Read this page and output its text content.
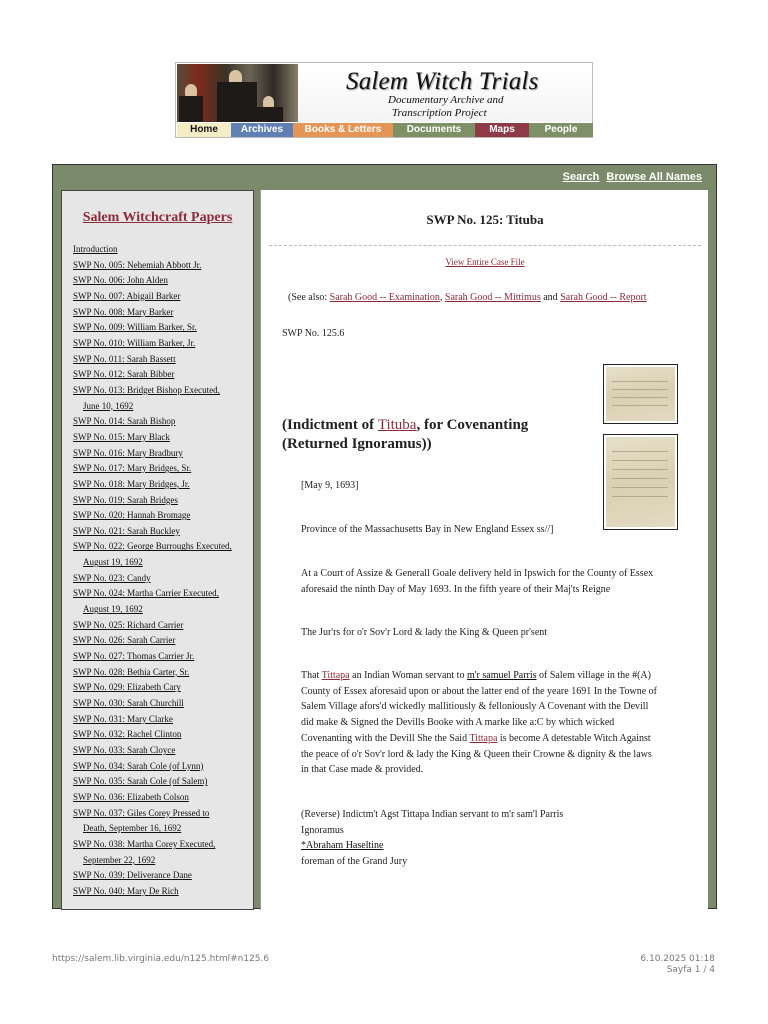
Salem Witch Trials
Documentary Archive and
Transcription Project
Home	Archives	Books & Letters	Documents	Maps	People
Search Browse All Names
Salem Witchcraft Papers
Introduction
SWP No. 005: Nehemiah Abbott Jr.
SWP No. 006: John Alden
SWP No. 007: Abigail Barker
SWP No. 008: Mary Barker
SWP No. 009: William Barker, Sr.
SWP No. 010: William Barker, Jr.
SWP No. 011: Sarah Bassett
SWP No. 012: Sarah Bibber
SWP No. 013: Bridget Bishop Executed,
June 10, 1692
SWP No. 014: Sarah Bishop
SWP No. 015: Mary Black
SWP No. 016: Mary Bradbury
SWP No. 017: Mary Bridges, Sr.
SWP No. 018: Mary Bridges, Jr.
SWP No. 019: Sarah Bridges
SWP No. 020: Hannah Bromage
SWP No. 021: Sarah Buckley
SWP No. 022: George Burroughs Executed,
August 19, 1692
SWP No. 023: Candy
SWP No. 024: Martha Carrier Executed,
August 19, 1692
SWP No. 025: Richard Carrier
SWP No. 026: Sarah Carrier
SWP No. 027: Thomas Carrier Jr.
SWP No. 028: Bethia Carter, Sr.
SWP No. 029: Elizabeth Cary
SWP No. 030: Sarah Churchill
SWP No. 031: Mary Clarke
SWP No. 032: Rachel Clinton
SWP No. 033: Sarah Cloyce
SWP No. 034: Sarah Cole (of Lynn)
SWP No. 035: Sarah Cole (of Salem)
SWP No. 036: Elizabeth Colson
SWP No. 037: Giles Corey Pressed to
Death, September 16, 1692
SWP No. 038: Martha Corey Executed,
September 22, 1692
SWP No. 039: Deliverance Dane
SWP No. 040: Mary De Rich
SWP No. 125: Tituba
View Entire Case File
(See also: Sarah Good -- Examination, Sarah Good -- Mittimus and Sarah Good -- Report
SWP No. 125.6
(Indictment of Tituba, for Covenanting
(Returned Ignoramus))
[May 9, 1693]
Province of the Massachusetts Bay in New England Essex ss//]
At a Court of Assize & Generall Goale delivery held in Ipswich for the County of Essex
aforesaid the ninth Day of May 1693. In the fifth yeare of their Maj'ts Reigne
The Jur'rs for o'r Sov'r Lord & lady the King & Queen pr'sent
That Tittapa an Indian Woman servant to m'r samuel Parris of Salem village in the #(A)
County of Essex aforesaid upon or about the latter end of the yeare 1691 In the Towne of
Salem Village afors'd wickedly mallitiously & felloniously A Covenant with the Devill
did make & Signed the Devills Booke with A marke like a:C by which wicked
Covenanting with the Devill She the Said Tittapa is become A detestable Witch Against
the peace of o'r Sov'r lord & lady the King & Queen their Crowne & dignity & the laws
in that Case made & provided.
(Reverse) Indictm't Agst Tittapa Indian servant to m'r sam'l Parris
Ignoramus
*Abraham Haseltine
foreman of the Grand Jury
https://salem.lib.virginia.edu/n125.html#n125.6	6.10.2025 01:18
Sayfa 1 / 4
